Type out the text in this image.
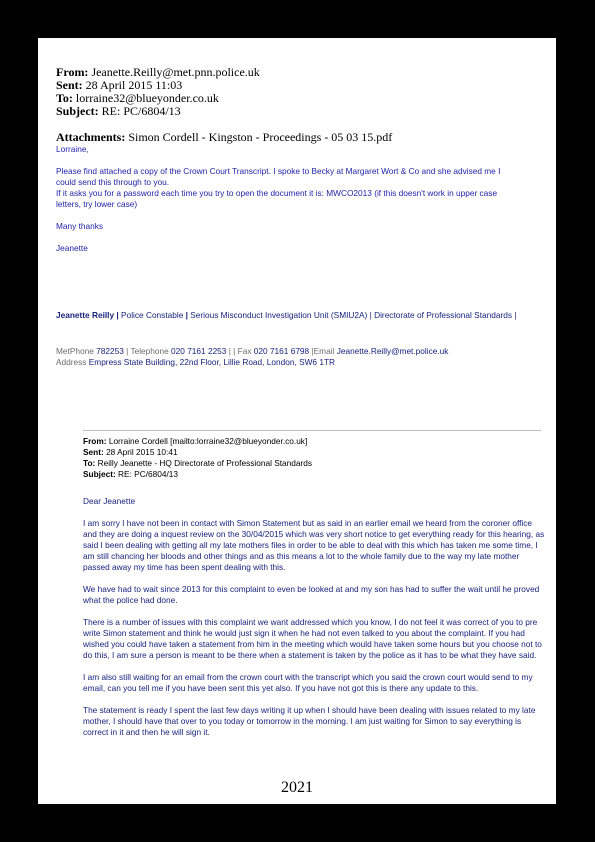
From: Jeanette.Reilly@met.pnn.police.uk
Sent: 28 April 2015 11:03
To: lorraine32@blueyonder.co.uk
Subject: RE: PC/6804/13
Attachments: Simon Cordell - Kingston - Proceedings - 05 03 15.pdf

Lorraine,

Please find attached a copy of the Crown Court Transcript. I spoke to Becky at Margaret Wort & Co and she advised me I could send this through to you.

If it asks you for a password each time you try to open the document it is: MWCO2013 (if this doesn't work in upper case letters, try lower case)

Many thanks

Jeanette

Jeanette Reilly | Police Constable | Serious Misconduct Investigation Unit (SMIU2A) | Directorate of Professional Standards |
MetPhone 782253 | Telephone 020 7161 2253 | | Fax 020 7161 6798 |Email Jeanette.Reilly@met.police.uk
Address Empress State Building, 22nd Floor, Lillie Road, London, SW6 1TR
From: Lorraine Cordell [mailto:lorraine32@blueyonder.co.uk]
Sent: 28 April 2015 10:41
To: Reilly Jeanette - HQ Directorate of Professional Standards
Subject: RE: PC/6804/13

Dear Jeanette

I am sorry I have not been in contact with Simon Statement but as said in an earlier email we heard from the coroner office and they are doing a inquest review on the 30/04/2015 which was very short notice to get everything ready for this hearing, as said I been dealing with getting all my late mothers files in order to be able to deal with this which has taken me some time, I am still chancing her bloods and other things and as this means a lot to the whole family due to the way my late mother passed away my time has been spent dealing with this.

We have had to wait since 2013 for this complaint to even be looked at and my son has had to suffer the wait until he proved what the police had done.

There is a number of issues with this complaint we want addressed which you know, I do not feel it was correct of you to pre write Simon statement and think he would just sign it when he had not even talked to you about the complaint. If you had wished you could have taken a statement from him in the meeting which would have taken some hours but you choose not to do this, I am sure a person is meant to be there when a statement is taken by the police as it has to be what they have said.

I am also still waiting for an email from the crown court with the transcript which you said the crown court would send to my email, can you tell me if you have been sent this yet also. If you have not got this is there any update to this.

The statement is ready I spent the last few days writing it up when I should have been dealing with issues related to my late mother, I should have that over to you today or tomorrow in the morning. I am just waiting for Simon to say everything is correct in it and then he will sign it.

2021
